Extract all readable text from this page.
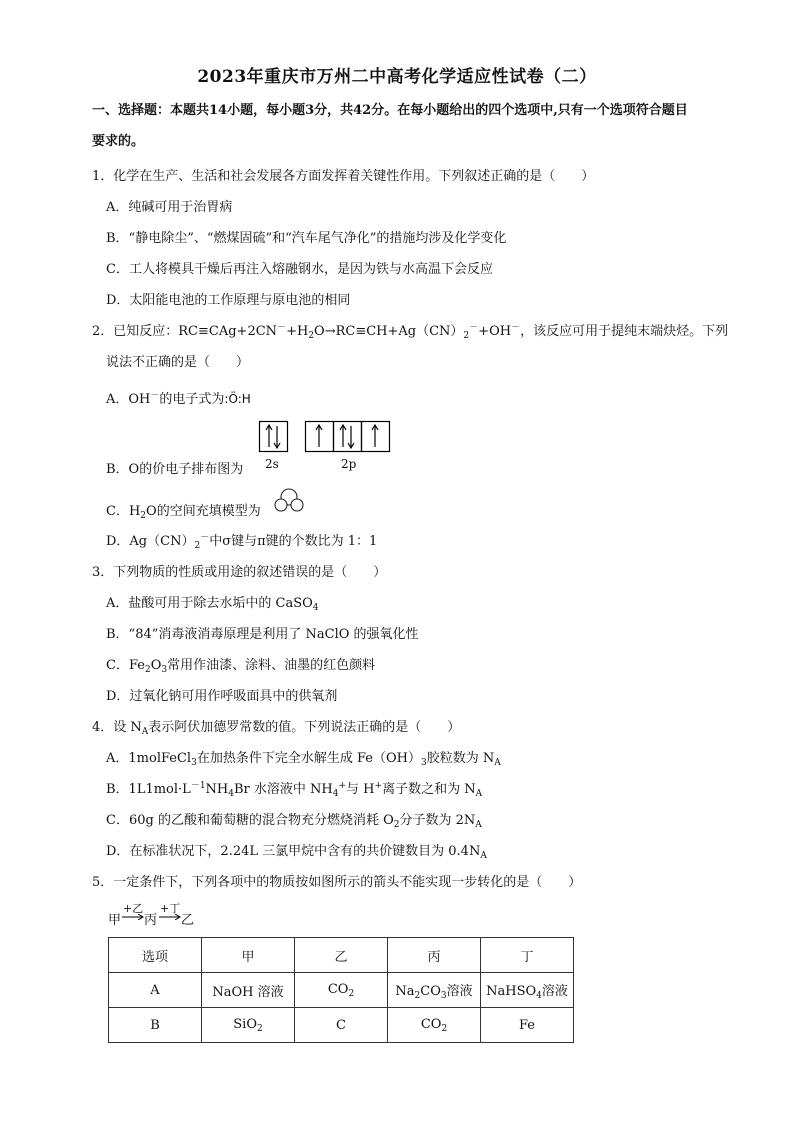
2023年重庆市万州二中高考化学适应性试卷（二）
一、选择题：本题共14小题，每小题3分，共42分。在每小题给出的四个选项中,只有一个选项符合题目
要求的。
1．化学在生产、生活和社会发展各方面发挥着关键性作用。下列叙述正确的是（　　）
A．纯碱可用于治胃病
B．“静电除尘”、“燃煤固硫”和“汽车尾气净化”的措施均涉及化学变化
C．工人将模具干燥后再注入熔融钢水，是因为铁与水高温下会反应
D．太阳能电池的工作原理与原电池的相同
2．已知反应：$RC\equiv CAg+2CN^-+H_2O\to RC\equiv CH+Ag(CN)_2^-+OH^-$，该反应可用于提纯末端炔烃。下列
说法不正确的是（　　）
A．OH－的电子式为:Ö:H
B．O的价电子排布图为 2s	2p
C．$H_2O$的空间充填模型为
D．$Ag(CN)_2^-$中σ键与π键的个数比为 1：1
3．下列物质的性质或用途的叙述错误的是（　　）
A．盐酸可用于除去水垢中的 CaSO$_4$
B．“84”消毒液消毒原理是利用了 NaClO 的强氧化性
C．$Fe_2O_3$常用作油漆、涂料、油墨的红色颜料
D．过氧化钠可用作呼吸面具中的供氧剂
4．设 $N_A$表示阿伏加德罗常数的值。下列说法正确的是（　　）
A．1molFeCl$_3$在加热条件下完全水解生成 $Fe(OH)_3$胶粒数为 $N_A$
B．$1L1mol\cdot L^{-1}NH_4Br$ 水溶液中 $NH_4^+$与 H+离子数之和为 $N_A$
C．60g 的乙酸和葡萄糖的混合物充分燃烧消耗 $O_2$分子数为 $2N_A$
D．在标准状况下，2.24L 三氯甲烷中含有的共价键数目为 $0.4N_A$
5．一定条件下，下列各项中的物质按如图所示的箭头不能实现一步转化的是（　　）
甲
+乙
丙
+丁
乙
选项	甲	乙	丙	丁
A	NaOH 溶液	$CO_2$	$Na_2CO_3$溶液	NaHSO$_4$溶液
B	SiO$_2$	C	$CO_2$	Fe
